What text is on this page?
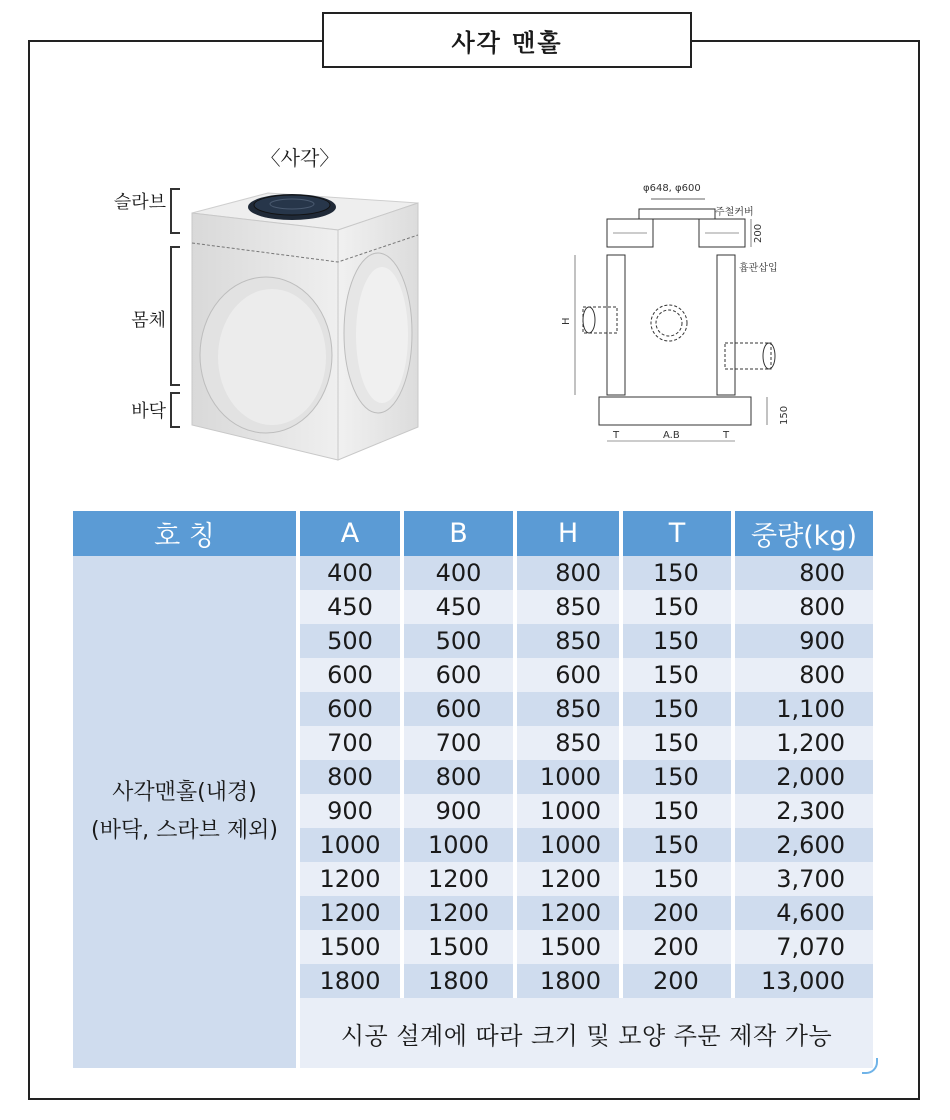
사각 맨홀
〈사각〉
슬라브
몸체
바닥
φ648, φ600
주철커버
200
흄관삽입
H
150
T	A.B	T
호 칭	A	B	H	T	중량(kg)

사각맨홀(내경)
(바닥, 스라브 제외)	400	400	800	150	800
	450	450	850	150	800
	500	500	850	150	900
	600	600	600	150	800
	600	600	850	150	1,100
	700	700	850	150	1,200
	800	800	1000	150	2,000
	900	900	1000	150	2,300
	1000	1000	1000	150	2,600
	1200	1200	1200	150	3,700
	1200	1200	1200	200	4,600
	1500	1500	1500	200	7,070
	1800	1800	1800	200	13,000
	시공 설계에 따라 크기 및 모양 주문 제작 가능				
